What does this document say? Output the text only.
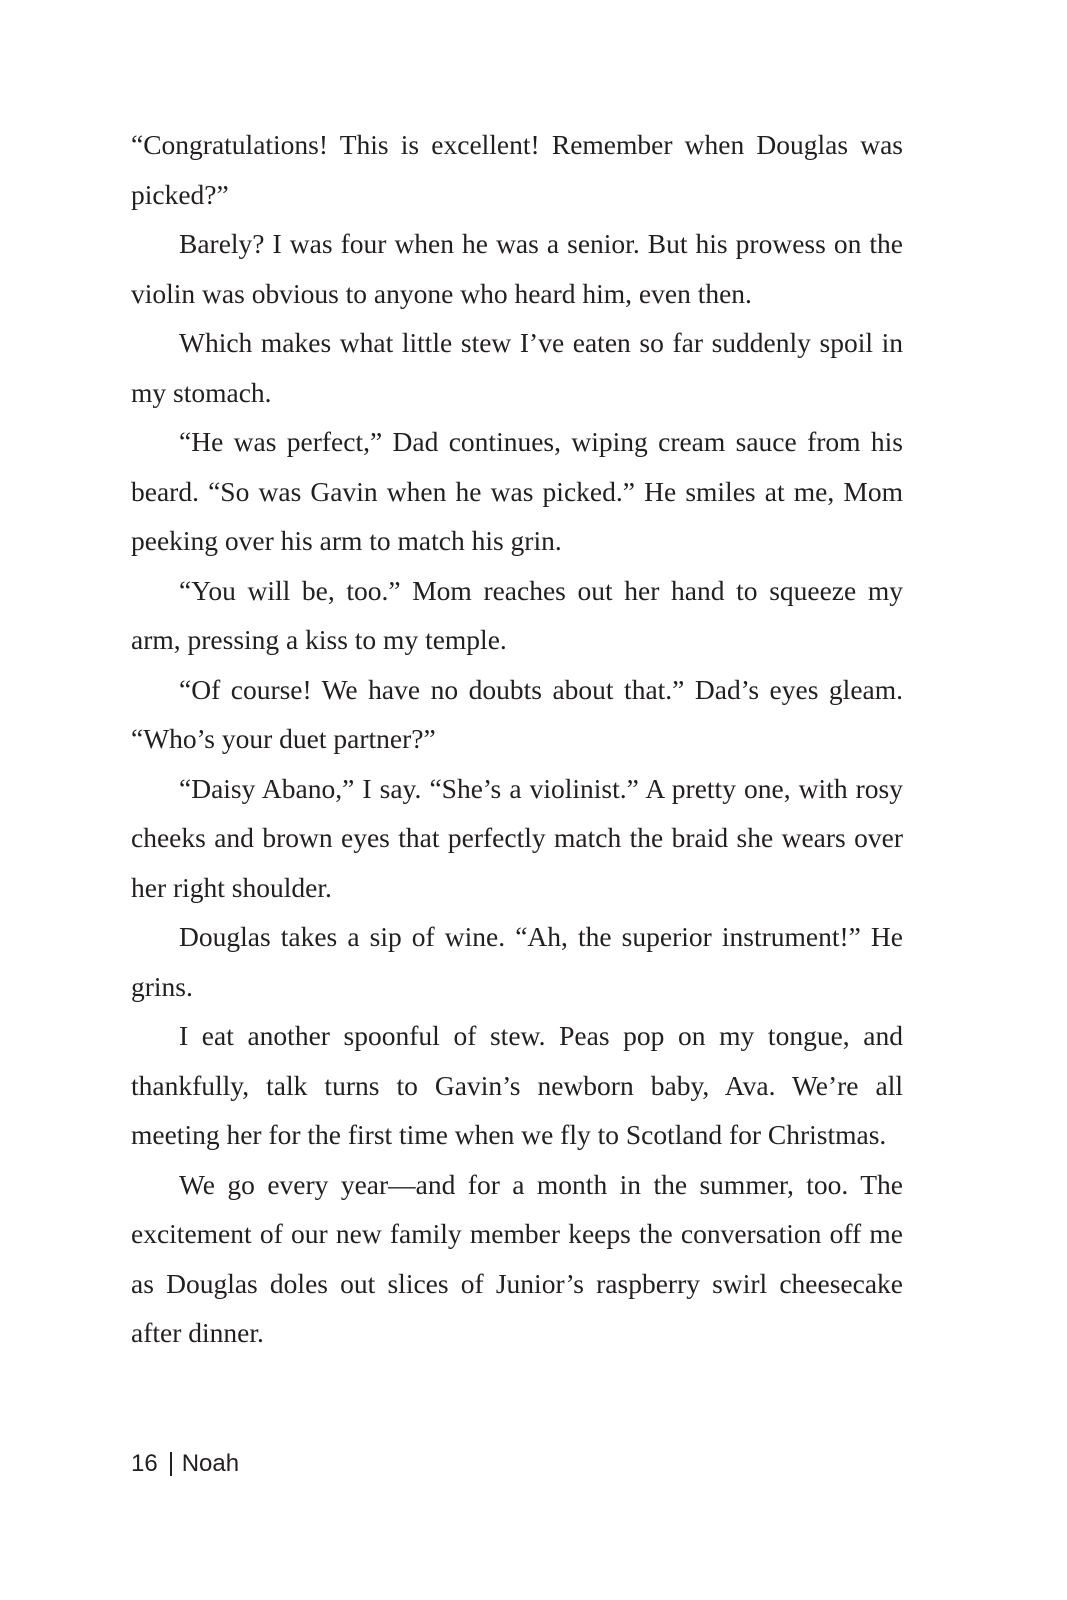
“Congratulations! This is excellent! Remember when Douglas was picked?”

Barely? I was four when he was a senior. But his prowess on the violin was obvious to anyone who heard him, even then.

Which makes what little stew I’ve eaten so far suddenly spoil in my stomach.

“He was perfect,” Dad continues, wiping cream sauce from his beard. “So was Gavin when he was picked.” He smiles at me, Mom peeking over his arm to match his grin.

“You will be, too.” Mom reaches out her hand to squeeze my arm, pressing a kiss to my temple.

“Of course! We have no doubts about that.” Dad’s eyes gleam. “Who’s your duet partner?”

“Daisy Abano,” I say. “She’s a violinist.” A pretty one, with rosy cheeks and brown eyes that perfectly match the braid she wears over her right shoulder.

Douglas takes a sip of wine. “Ah, the superior instrument!” He grins.

I eat another spoonful of stew. Peas pop on my tongue, and thankfully, talk turns to Gavin’s newborn baby, Ava. We’re all meeting her for the first time when we fly to Scotland for Christmas.

We go every year—and for a month in the summer, too. The excitement of our new family member keeps the conversation off me as Douglas doles out slices of Junior’s raspberry swirl cheesecake after dinner.

16 Noah
